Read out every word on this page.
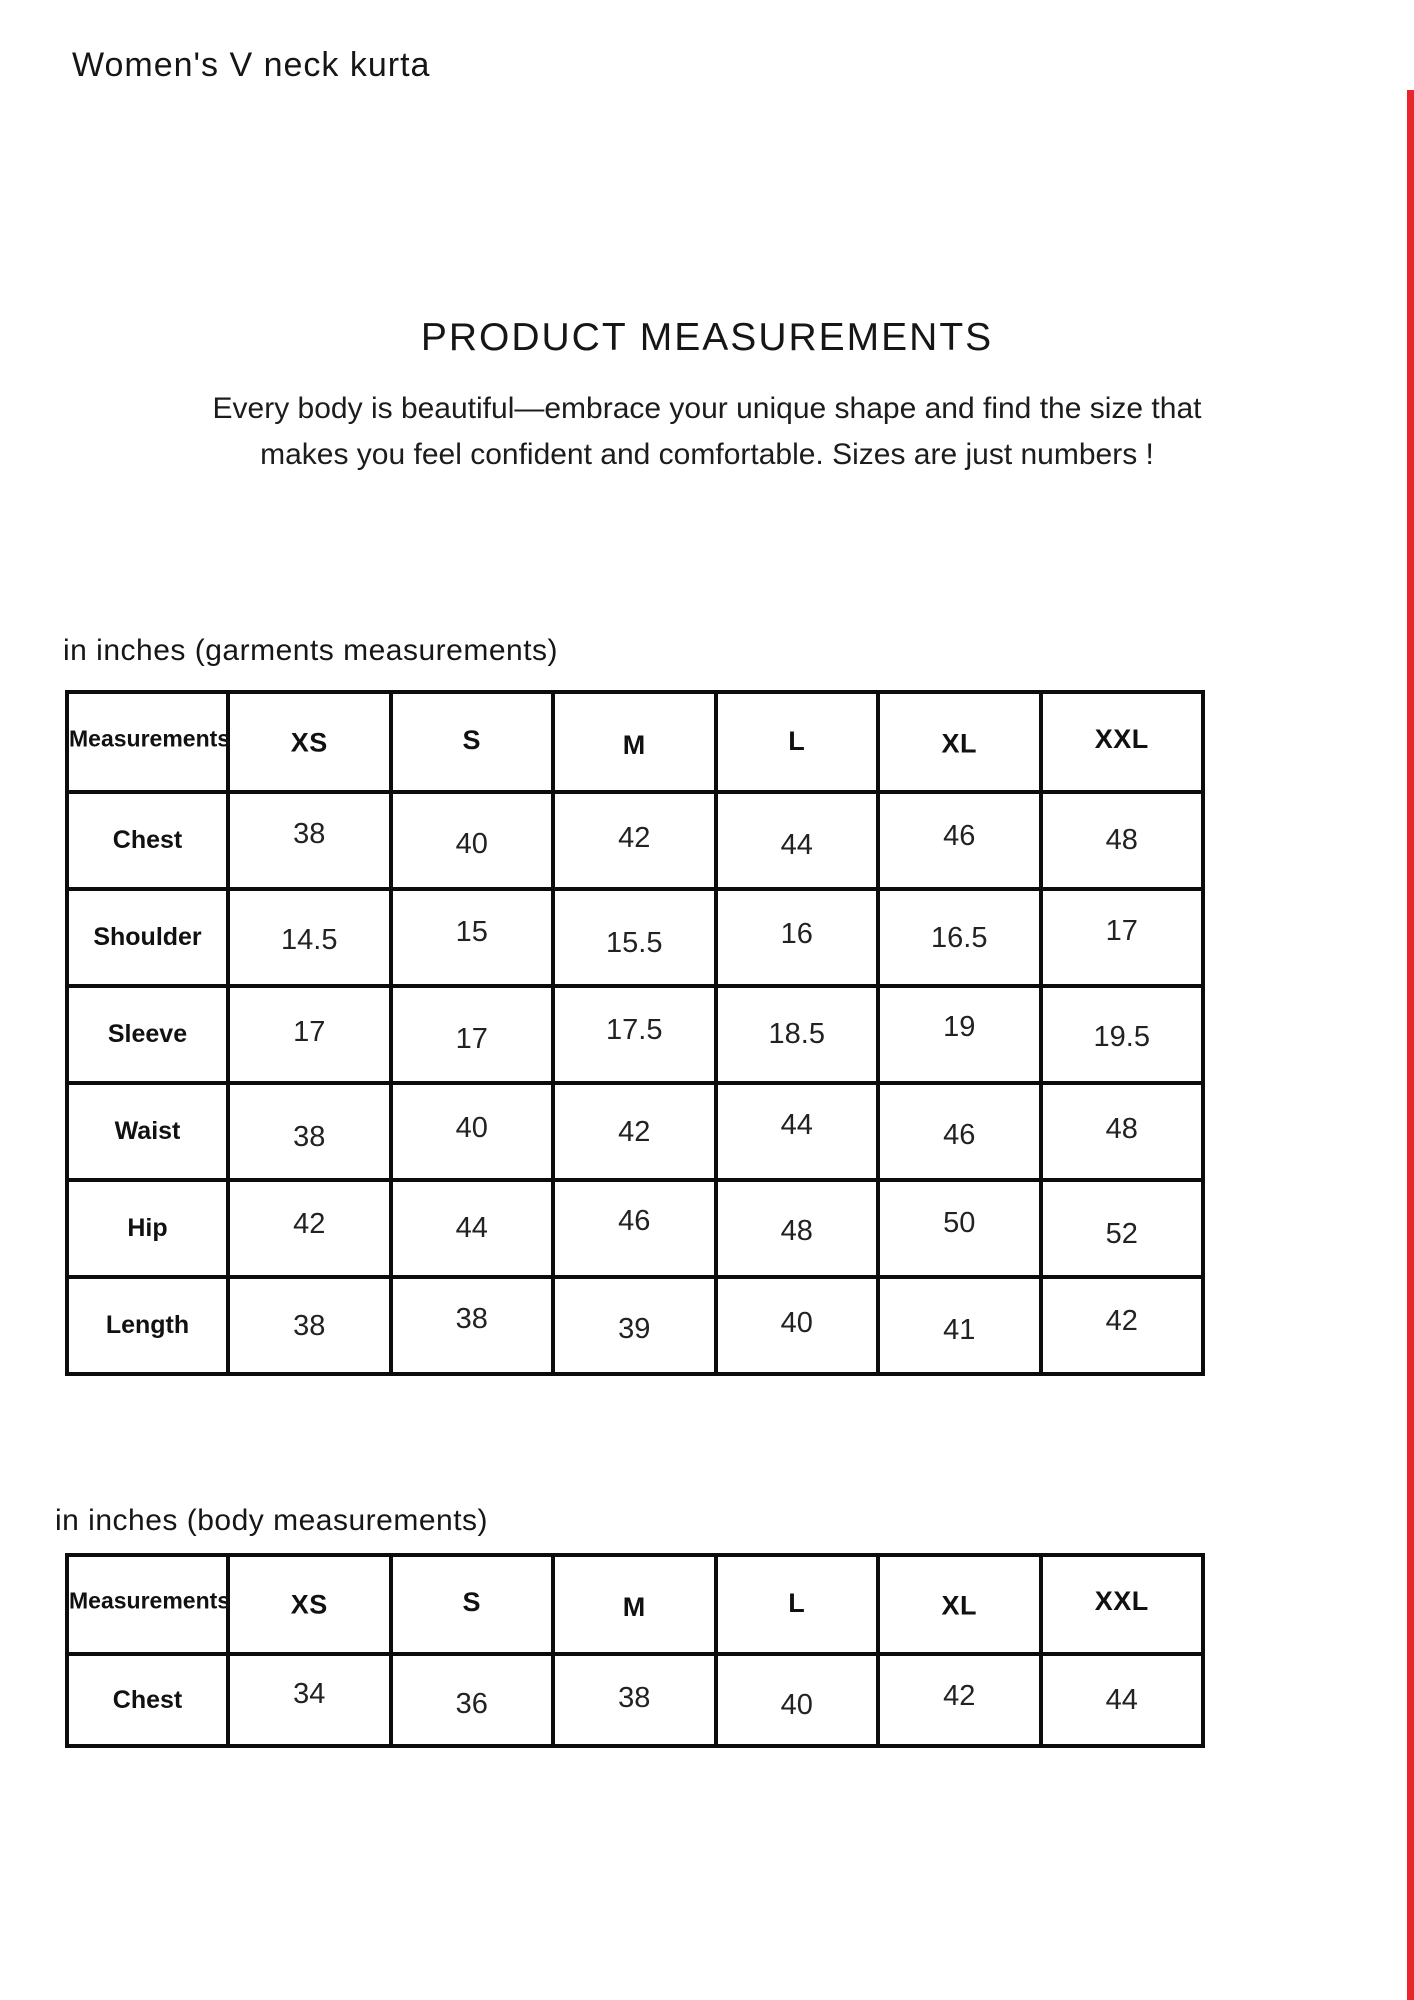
Women's V neck kurta
PRODUCT MEASUREMENTS

Every body is beautiful—embrace your unique shape and find the size that

makes you feel confident and comfortable. Sizes are just numbers !

in inches (garments measurements)
Measurements	XS	S	M	L	XL	XXL
Chest	38	40	42	44	46	48
Shoulder	14.5	15	15.5	16	16.5	17
Sleeve	17	17	17.5	18.5	19	19.5
Waist	38	40	42	44	46	48
Hip	42	44	46	48	50	52
Length	38	38	39	40	41	42
in inches (body measurements)
Measurements	XS	S	M	L	XL	XXL
Chest	34	36	38	40	42	44
